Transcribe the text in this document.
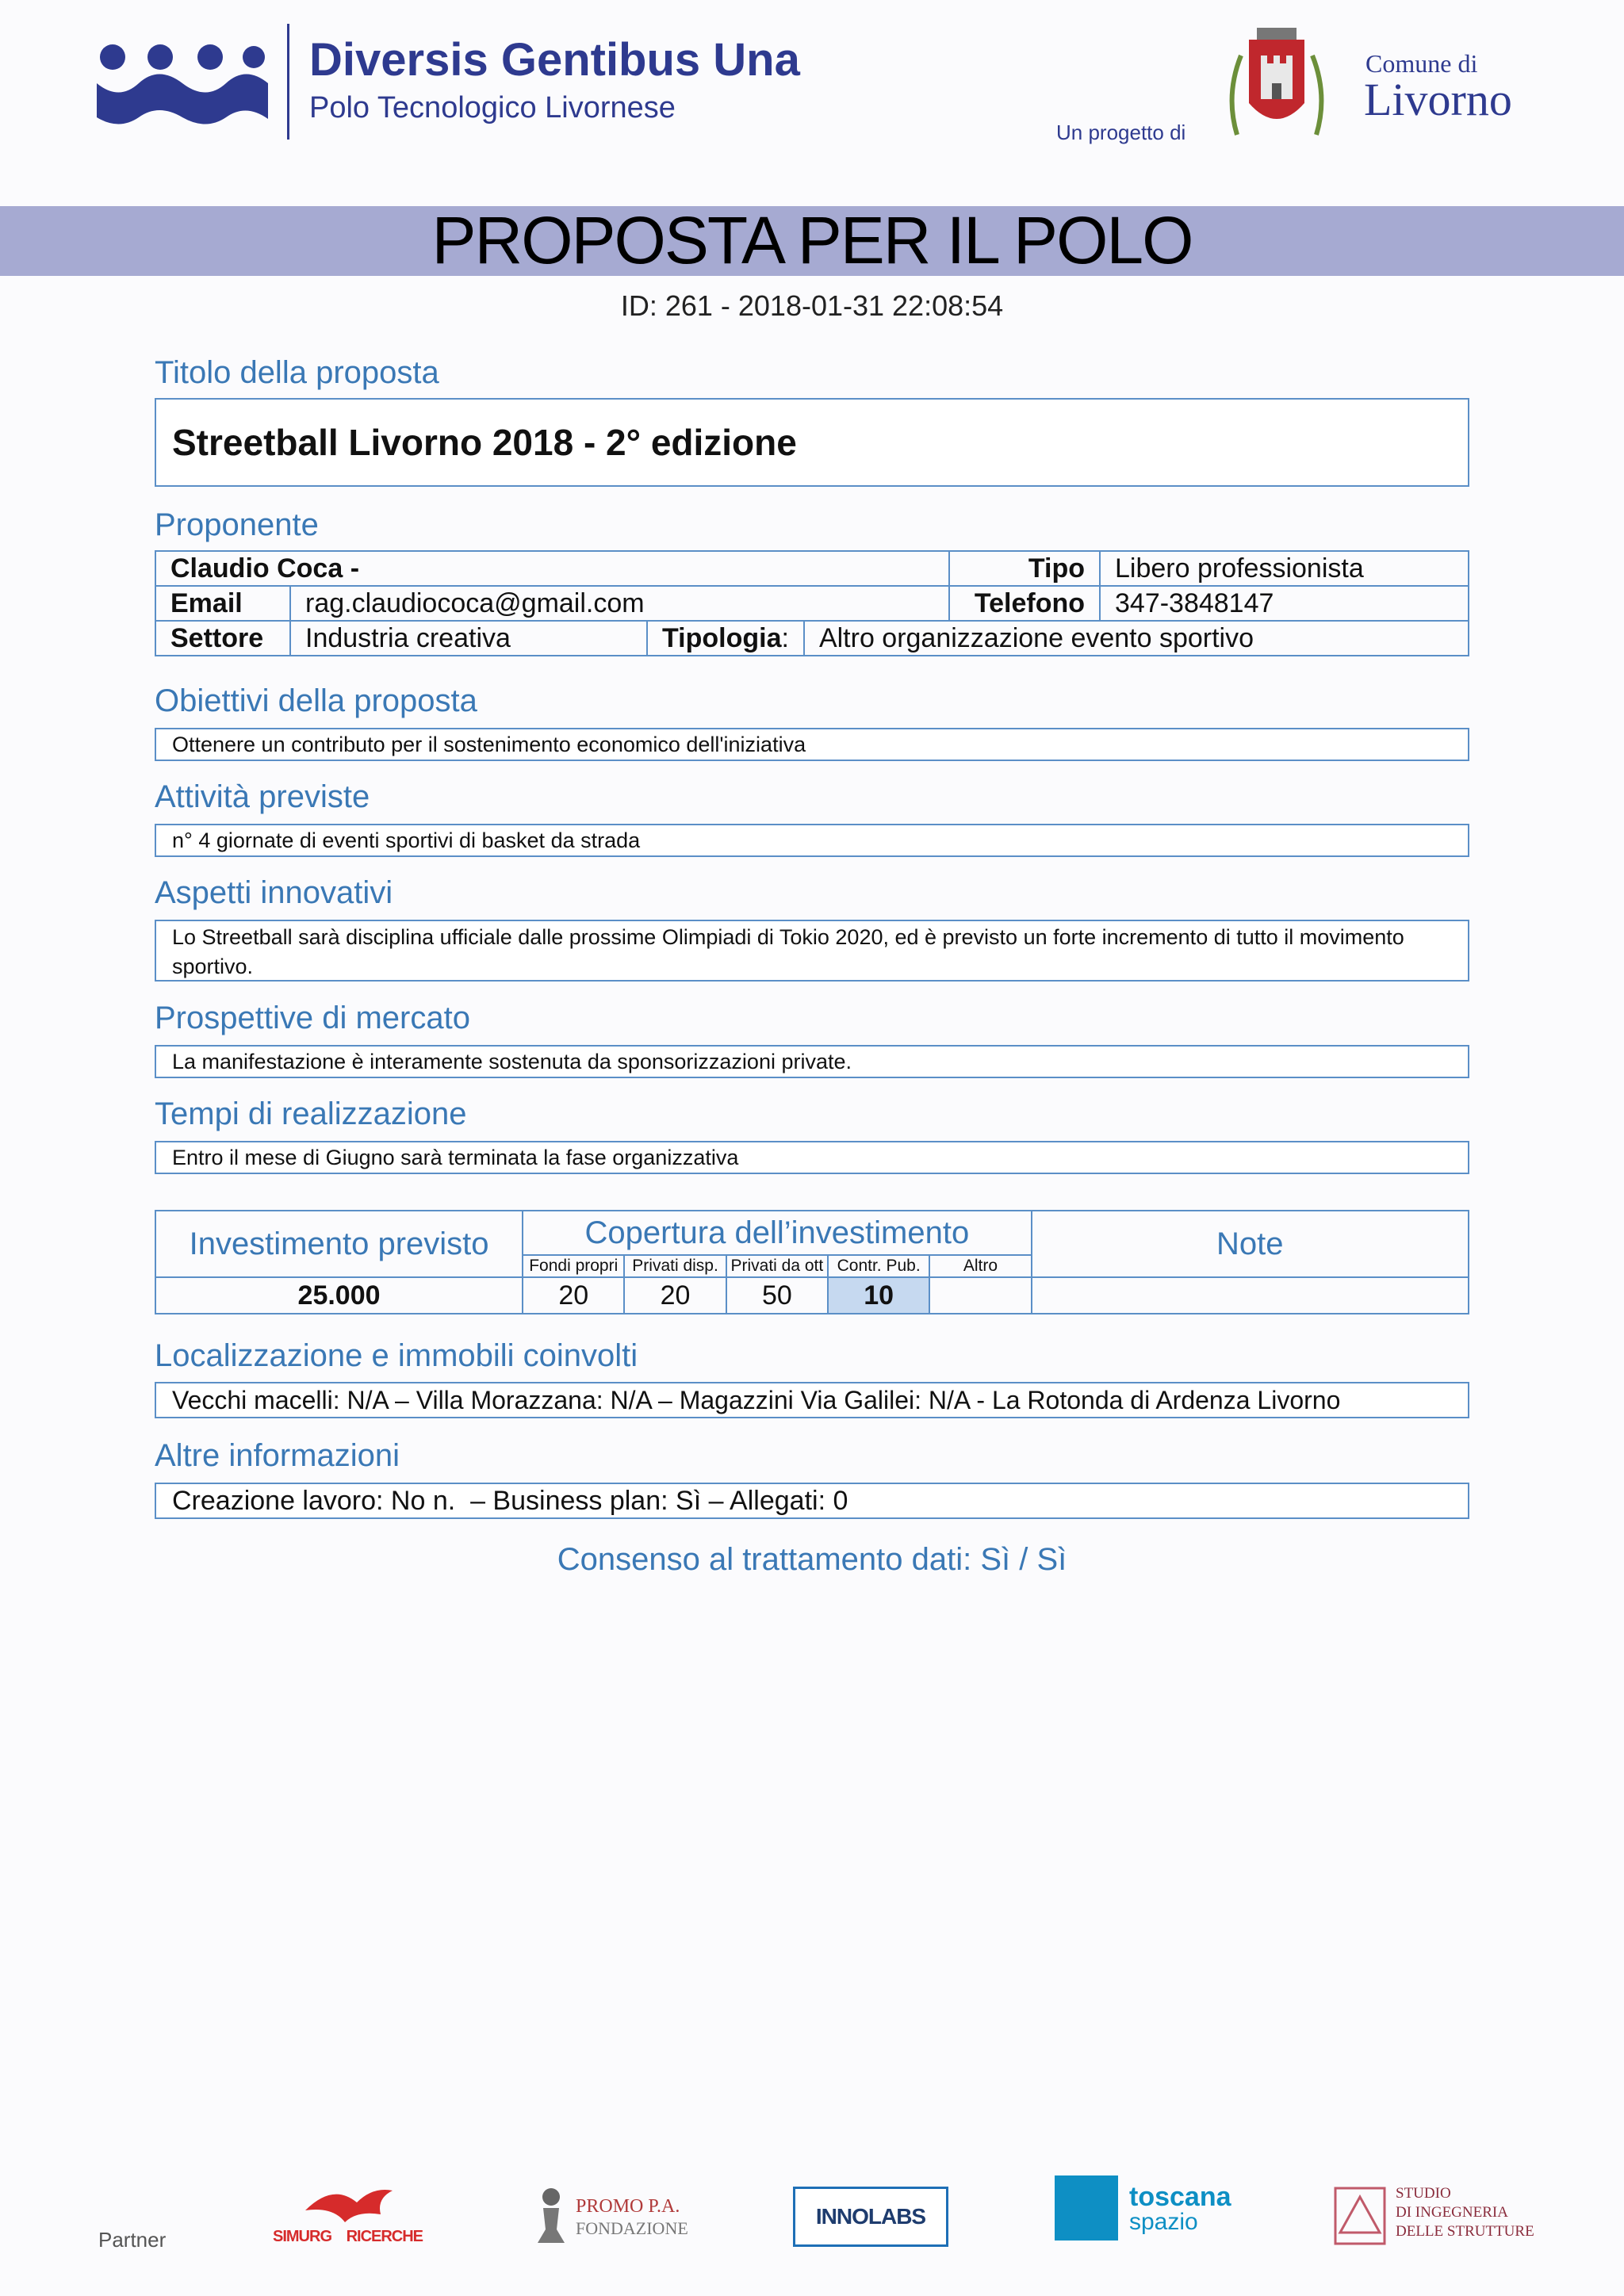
Diversis Gentibus Una
Polo Tecnologico Livornese
Un progetto di
Comune di
Livorno
PROPOSTA PER IL POLO
ID: 261 - 2018-01-31 22:08:54
Titolo della proposta
Streetball Livorno 2018 - 2° edizione
Proponente
Claudio Coca -				Tipo	Libero professionista
Email	rag.claudiococa@gmail.com			Telefono	347-3848147
Settore	Industria creativa	Tipologia:	Altro organizzazione evento sportivo		
Obiettivi della proposta
Ottenere un contributo per il sostenimento economico dell'iniziativa
Attività previste
n° 4 giornate di eventi sportivi di basket da strada
Aspetti innovativi
Lo Streetball sarà disciplina ufficiale dalle prossime Olimpiadi di Tokio 2020, ed è previsto un forte incremento di tutto il movimento sportivo.
Prospettive di mercato
La manifestazione è interamente sostenuta da sponsorizzazioni private.
Tempi di realizzazione
Entro il mese di Giugno sarà terminata la fase organizzativa
Investimento previsto	Copertura dell’investimento					Note
	Fondi propri	Privati disp.	Privati da ott	Contr. Pub.	Altro	
25.000	20	20	50	10		
Localizzazione e immobili coinvolti
Vecchi macelli: N/A – Villa Morazzana: N/A – Magazzini Via Galilei: N/A - La Rotonda di Ardenza Livorno
Altre informazioni
Creazione lavoro: No n.  – Business plan: Sì – Allegati: 0
Consenso al trattamento dati: Sì / Sì
Partner	SIMURG RICERCHE
PROMO P.A.
FONDAZIONE	INNOLABS
toscana
spazio
STUDIO
DI INGEGNERIA
DELLE STRUTTURE
